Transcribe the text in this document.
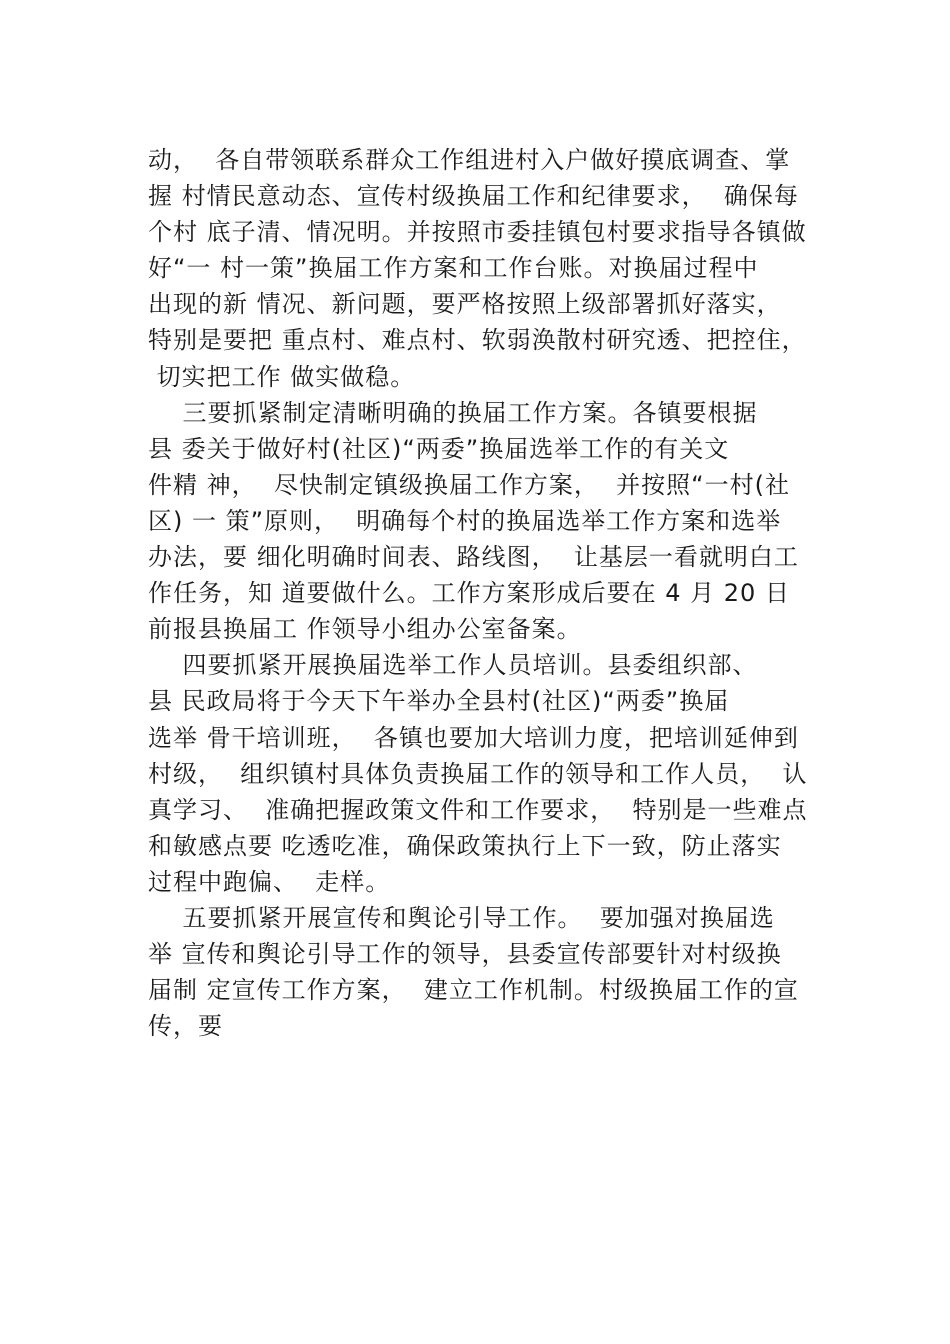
动，  各自带领联系群众工作组进村入户做好摸底调查、掌
握 村情民意动态、宣传村级换届工作和纪律要求，  确保每
个村 底子清、情况明。并按照市委挂镇包村要求指导各镇做
好“一 村一策”换届工作方案和工作台账。对换届过程中
出现的新 情况、新问题，要严格按照上级部署抓好落实，
特别是要把 重点村、难点村、软弱涣散村研究透、把控住，
切实把工作 做实做稳。
三要抓紧制定清晰明确的换届工作方案。各镇要根据
县 委关于做好村(社区)“两委”换届选举工作的有关文
件精 神，  尽快制定镇级换届工作方案，  并按照“一村(社
区) 一 策”原则，  明确每个村的换届选举工作方案和选举
办法，要 细化明确时间表、路线图，  让基层一看就明白工
作任务，知 道要做什么。工作方案形成后要在 4 月 20 日
前报县换届工 作领导小组办公室备案。
四要抓紧开展换届选举工作人员培训。县委组织部、
县 民政局将于今天下午举办全县村(社区)“两委”换届
选举 骨干培训班，  各镇也要加大培训力度，把培训延伸到
村级，  组织镇村具体负责换届工作的领导和工作人员，  认
真学习、  准确把握政策文件和工作要求，  特别是一些难点
和敏感点要 吃透吃准，确保政策执行上下一致，防止落实
过程中跑偏、  走样。
五要抓紧开展宣传和舆论引导工作。  要加强对换届选
举 宣传和舆论引导工作的领导，县委宣传部要针对村级换
届制 定宣传工作方案，  建立工作机制。村级换届工作的宣
传，要
